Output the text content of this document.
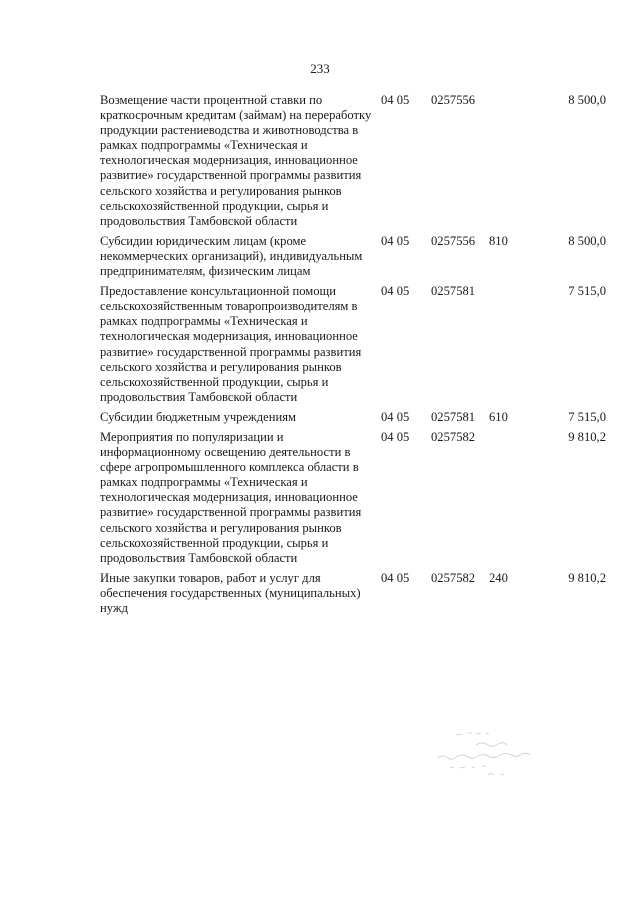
233
Возмещение части процентной ставки по краткосрочным кредитам (займам) на переработку продукции растениеводства и животноводства в рамках подпрограммы «Техническая и технологическая модернизация, инновационное развитие» государственной программы развития сельского хозяйства и регулирования рынков сельскохозяйственной продукции, сырья и продовольствия Тамбовской области	04 05	0257556		8 500,0
Субсидии юридическим лицам (кроме некоммерческих организаций), индивидуальным предпринимателям, физическим лицам	04 05	0257556	810	8 500,0
Предоставление консультационной помощи сельскохозяйственным товаропроизводителям в рамках подпрограммы «Техническая и технологическая модернизация, инновационное развитие» государственной программы развития сельского хозяйства и регулирования рынков сельскохозяйственной продукции, сырья и продовольствия Тамбовской области	04 05	0257581		7 515,0
Субсидии бюджетным учреждениям	04 05	0257581	610	7 515,0
Мероприятия по популяризации и информационному освещению деятельности в сфере агропромышленного комплекса области в рамках подпрограммы «Техническая и технологическая модернизация, инновационное развитие» государственной программы развития сельского хозяйства и регулирования рынков сельскохозяйственной продукции, сырья и продовольствия Тамбовской области	04 05	0257582		9 810,2
Иные закупки товаров, работ и услуг для обеспечения государственных (муниципальных) нужд	04 05	0257582	240	9 810,2
